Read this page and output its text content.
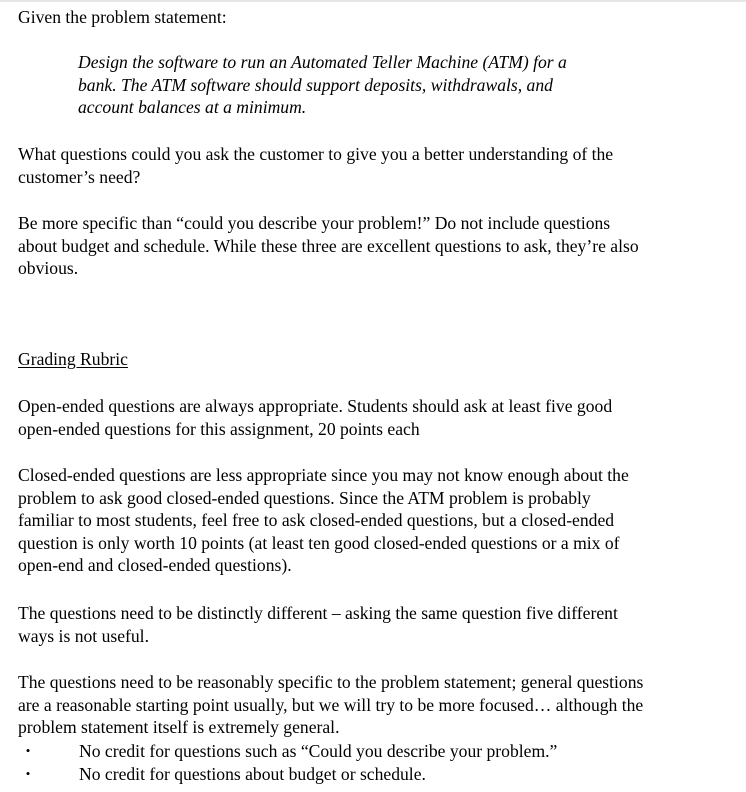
Given the problem statement:

Design the software to run an Automated Teller Machine (ATM) for a
bank. The ATM software should support deposits, withdrawals, and
account balances at a minimum.

What questions could you ask the customer to give you a better understanding of the
customer’s need?

Be more specific than “could you describe your problem!” Do not include questions
about budget and schedule. While these three are excellent questions to ask, they’re also
obvious.

Grading Rubric

Open-ended questions are always appropriate. Students should ask at least five good
open-ended questions for this assignment, 20 points each

Closed-ended questions are less appropriate since you may not know enough about the
problem to ask good closed-ended questions. Since the ATM problem is probably
familiar to most students, feel free to ask closed-ended questions, but a closed-ended
question is only worth 10 points (at least ten good closed-ended questions or a mix of
open-end and closed-ended questions).

The questions need to be distinctly different – asking the same question five different
ways is not useful.

The questions need to be reasonably specific to the problem statement; general questions
are a reasonable starting point usually, but we will try to be more focused… although the
problem statement itself is extremely general.

•	No credit for questions such as “Could you describe your problem.”
•	No credit for questions about budget or schedule.
